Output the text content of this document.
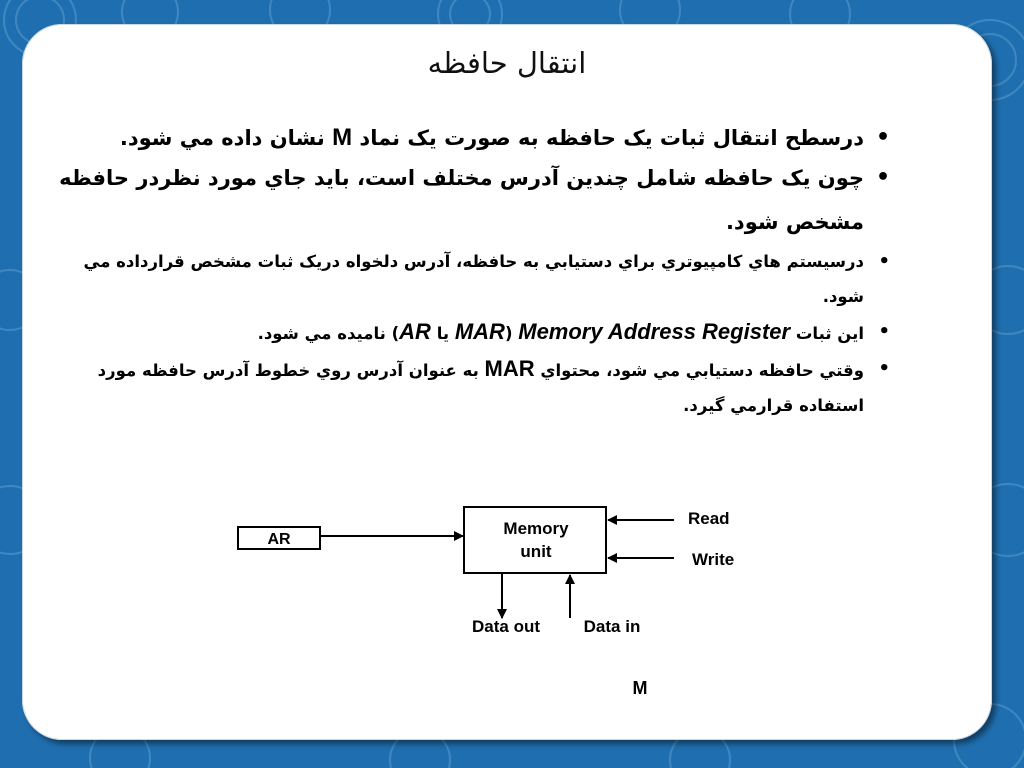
انتقال حافظه
• درسطح انتقال ثبات يک حافظه به صورت يک نماد M نشان داده مي شود.
• چون يک حافظه شامل چندين آدرس مختلف است، بايد جاي مورد نظردر حافظه مشخص شود.
• درسيستم هاي کامپيوتري براي دستيابي به حافظه، آدرس دلخواه دريک ثبات مشخص قرارداده مي شود.
• اين ثبات Memory Address Register (MAR يا AR) ناميده مي شود.
• وقتي حافظه دستيابي مي شود، محتواي MAR به عنوان آدرس روي خطوط آدرس حافظه مورد استفاده قرارمي گيرد.
AR
Memory
unit
Read
Write
Data out	Data in
M
